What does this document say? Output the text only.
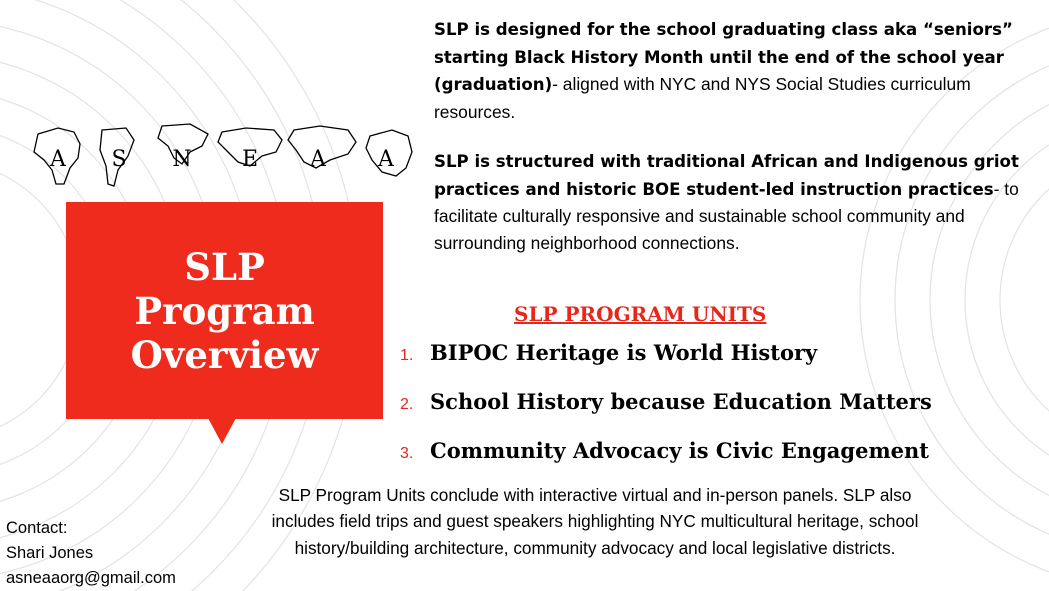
A S N E A A
SLP
Program
Overview
SLP is designed for the school graduating class aka “seniors” starting Black History Month until the end of the school year (graduation)- aligned with NYC and NYS Social Studies curriculum resources.
SLP is structured with traditional African and Indigenous griot practices and historic BOE student-led instruction practices- to facilitate culturally responsive and sustainable school community and surrounding neighborhood connections.
SLP PROGRAM UNITS
1. BIPOC Heritage is World History
2. School History because Education Matters
3. Community Advocacy is Civic Engagement
SLP Program Units conclude with interactive virtual and in-person panels. SLP also includes field trips and guest speakers highlighting NYC multicultural heritage, school history/building architecture, community advocacy and local legislative districts.
Contact:
Shari Jones
asneaaorg@gmail.com
